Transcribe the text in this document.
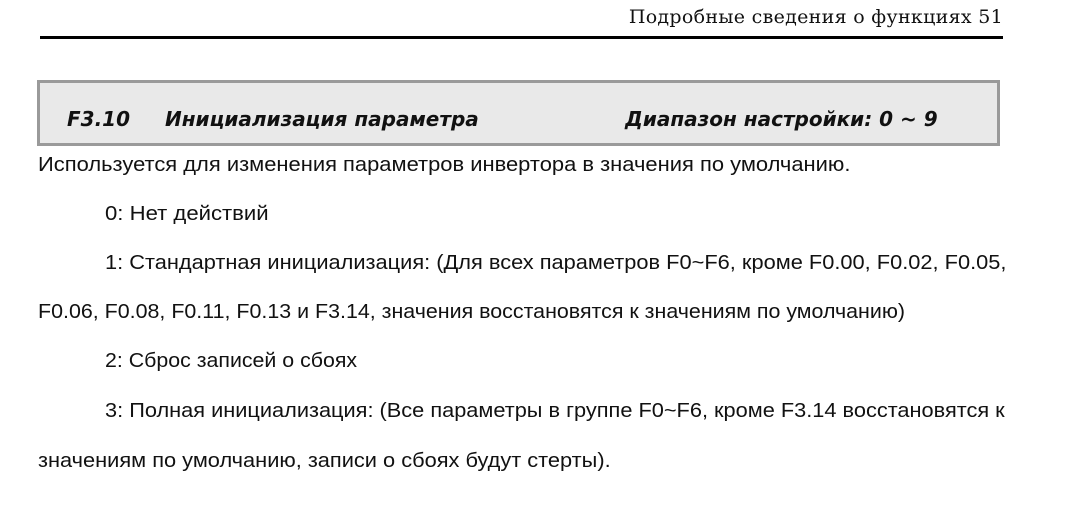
Подробные сведения о функциях 51
F3.10 Инициализация параметра	Диапазон настройки: 0 ~ 9
Используется для изменения параметров инвертора в значения по умолчанию.
0: Нет действий
1: Стандартная инициализация: (Для всех параметров F0~F6, кроме F0.00, F0.02, F0.05,
F0.06, F0.08, F0.11, F0.13 и F3.14, значения восстановятся к значениям по умолчанию)
2: Сброс записей о сбоях
3: Полная инициализация: (Все параметры в группе F0~F6, кроме F3.14 восстановятся к
значениям по умолчанию, записи о сбоях будут стерты).
